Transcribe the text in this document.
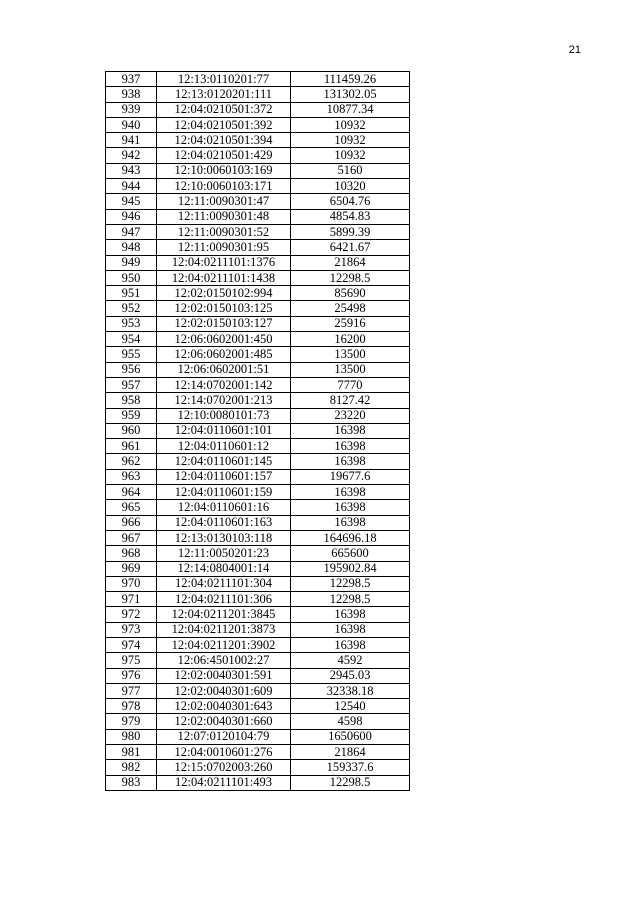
21
937	12:13:0110201:77	111459.26
938	12:13:0120201:111	131302.05
939	12:04:0210501:372	10877.34
940	12:04:0210501:392	10932
941	12:04:0210501:394	10932
942	12:04:0210501:429	10932
943	12:10:0060103:169	5160
944	12:10:0060103:171	10320
945	12:11:0090301:47	6504.76
946	12:11:0090301:48	4854.83
947	12:11:0090301:52	5899.39
948	12:11:0090301:95	6421.67
949	12:04:0211101:1376	21864
950	12:04:0211101:1438	12298.5
951	12:02:0150102:994	85690
952	12:02:0150103:125	25498
953	12:02:0150103:127	25916
954	12:06:0602001:450	16200
955	12:06:0602001:485	13500
956	12:06:0602001:51	13500
957	12:14:0702001:142	7770
958	12:14:0702001:213	8127.42
959	12:10:0080101:73	23220
960	12:04:0110601:101	16398
961	12:04:0110601:12	16398
962	12:04:0110601:145	16398
963	12:04:0110601:157	19677.6
964	12:04:0110601:159	16398
965	12:04:0110601:16	16398
966	12:04:0110601:163	16398
967	12:13:0130103:118	164696.18
968	12:11:0050201:23	665600
969	12:14:0804001:14	195902.84
970	12:04:0211101:304	12298.5
971	12:04:0211101:306	12298.5
972	12:04:0211201:3845	16398
973	12:04:0211201:3873	16398
974	12:04:0211201:3902	16398
975	12:06:4501002:27	4592
976	12:02:0040301:591	2945.03
977	12:02:0040301:609	32338.18
978	12:02:0040301:643	12540
979	12:02:0040301:660	4598
980	12:07:0120104:79	1650600
981	12:04:0010601:276	21864
982	12:15:0702003:260	159337.6
983	12:04:0211101:493	12298.5
